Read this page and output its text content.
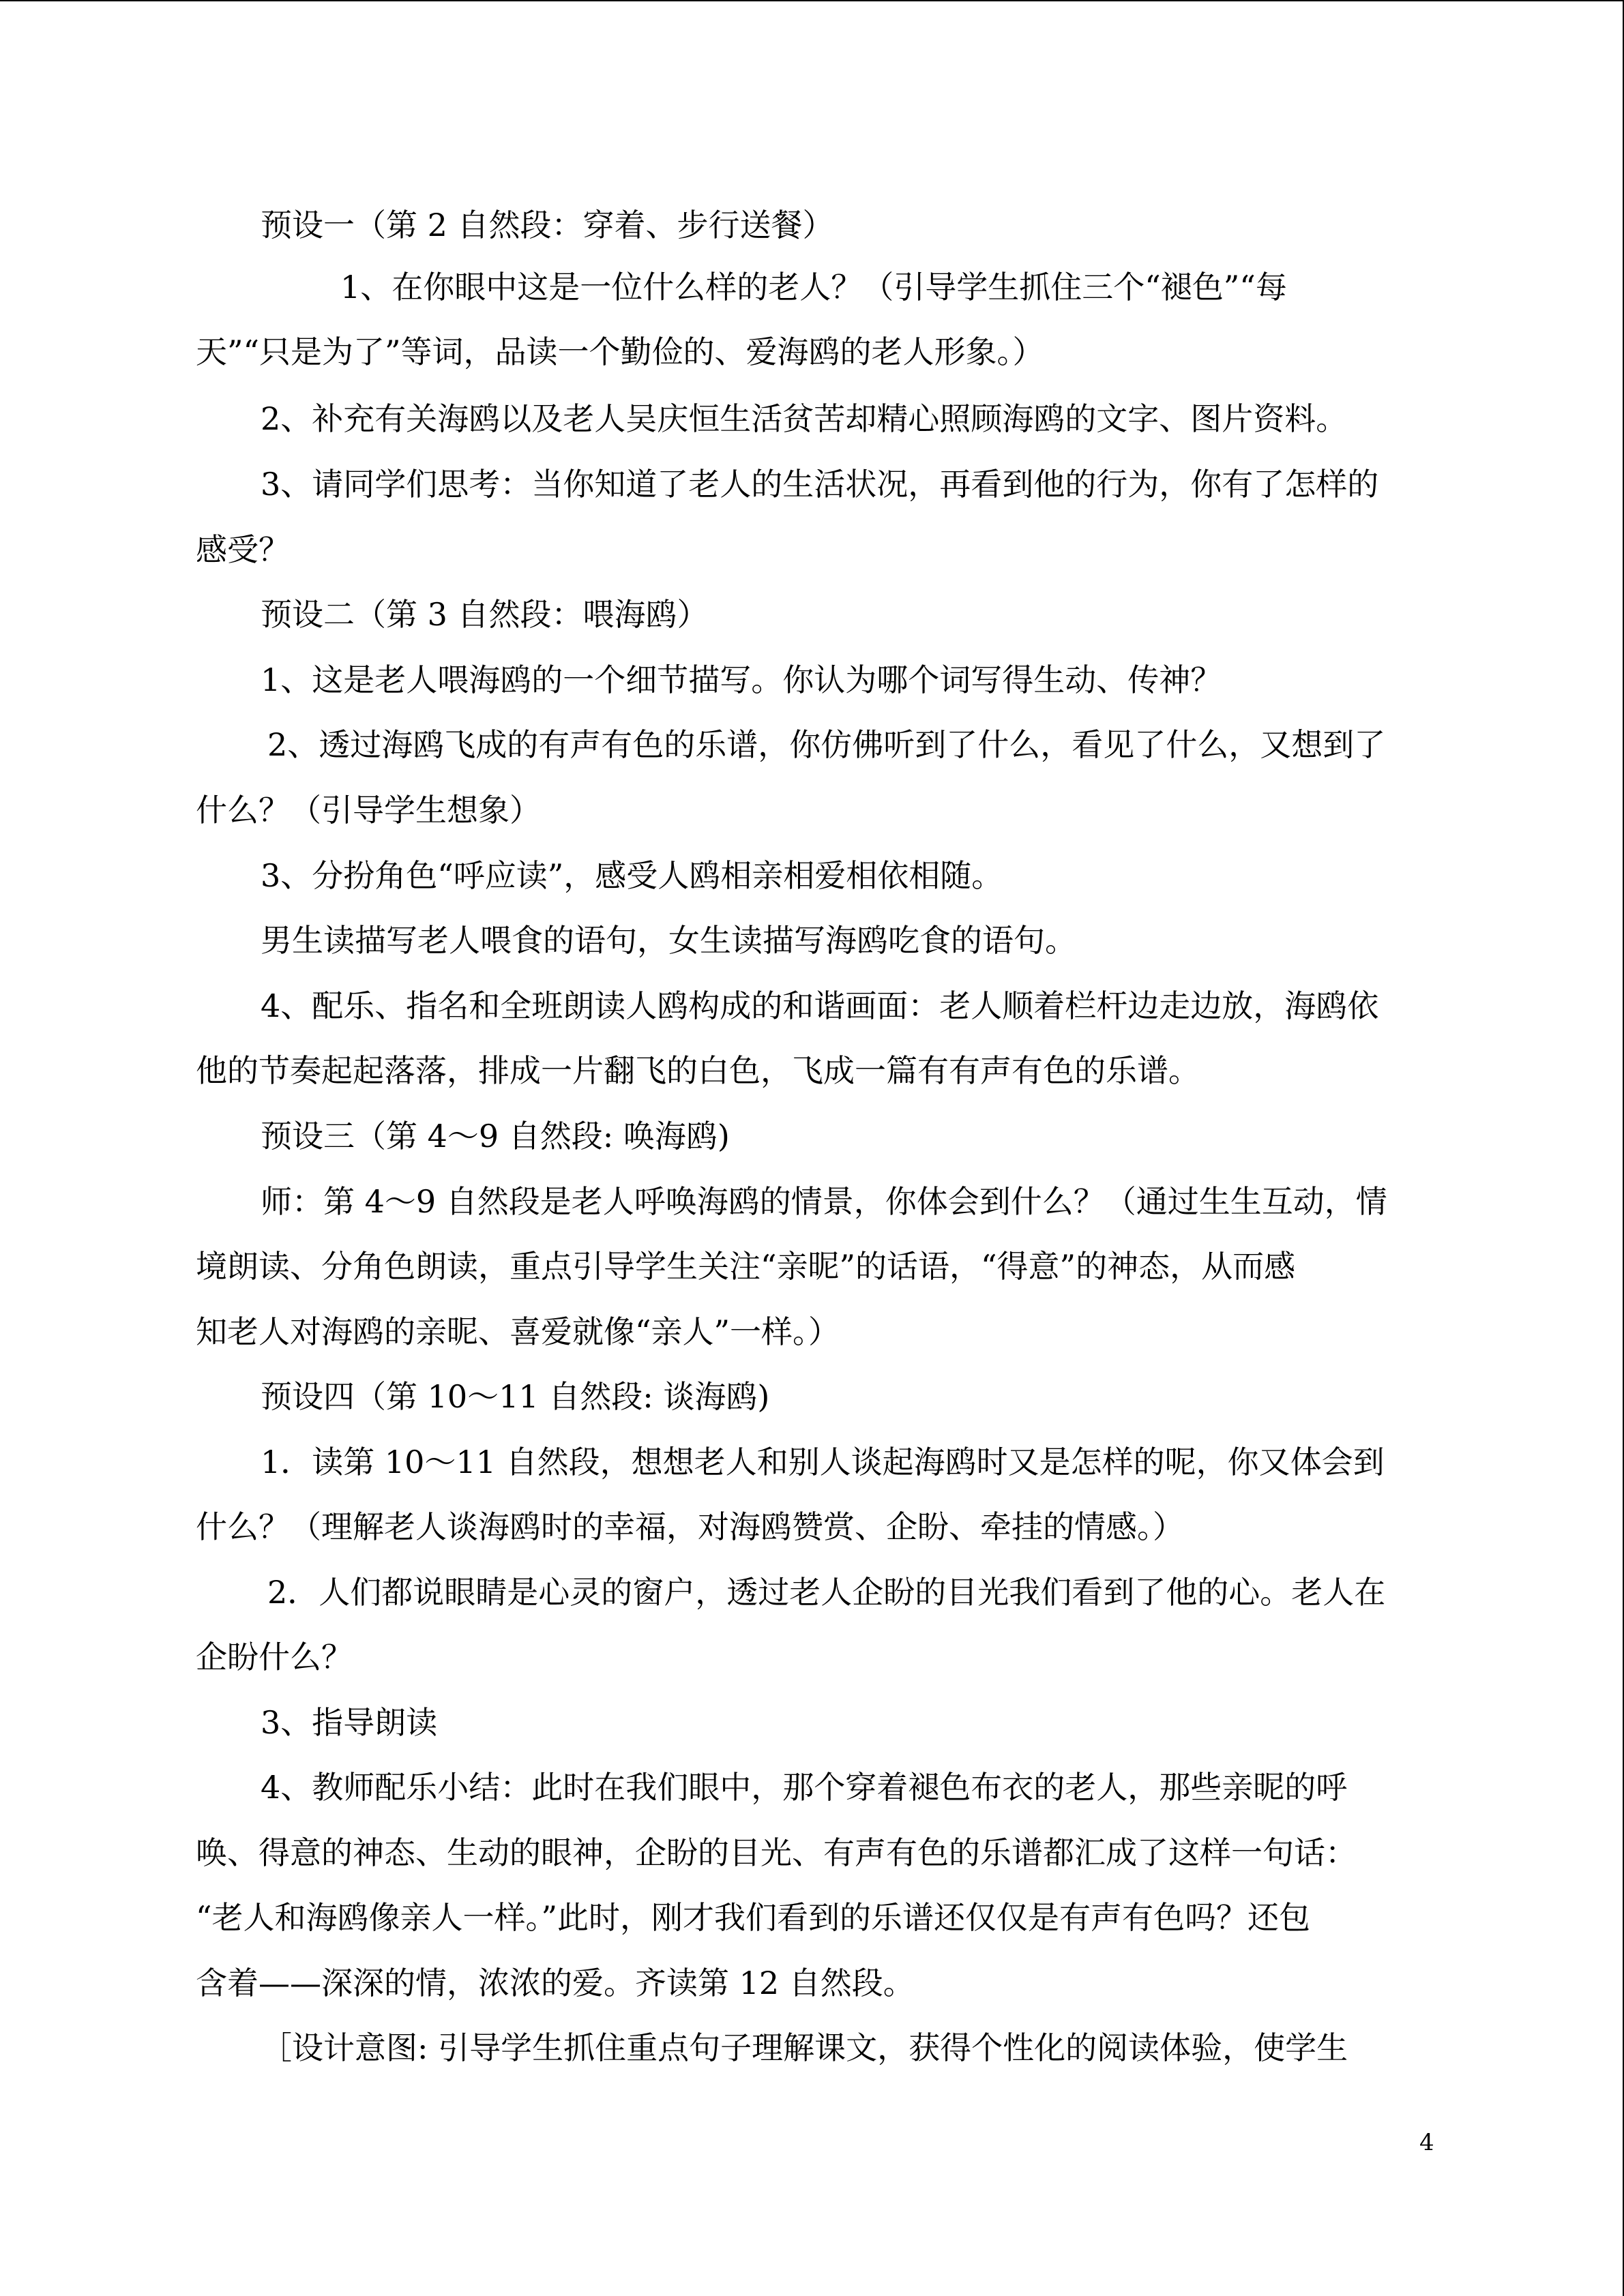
预设一（第 2 自然段：穿着、步行送餐）
1、在你眼中这是一位什么样的老人？（引导学生抓住三个“褪色”“每
天”“只是为了”等词，品读一个勤俭的、爱海鸥的老人形象。）
2、补充有关海鸥以及老人吴庆恒生活贫苦却精心照顾海鸥的文字、图片资料。
3、请同学们思考：当你知道了老人的生活状况，再看到他的行为，你有了怎样的
感受？
预设二（第 3 自然段：喂海鸥）
1、这是老人喂海鸥的一个细节描写。你认为哪个词写得生动、传神？
2、透过海鸥飞成的有声有色的乐谱，你仿佛听到了什么，看见了什么，又想到了
什么？（引导学生想象）
3、分扮角色“呼应读”，感受人鸥相亲相爱相依相随。
男生读描写老人喂食的语句，女生读描写海鸥吃食的语句。
4、配乐、指名和全班朗读人鸥构成的和谐画面：老人顺着栏杆边走边放，海鸥依
他的节奏起起落落，排成一片翻飞的白色，飞成一篇有有声有色的乐谱。
预设三（第 4～9 自然段: 唤海鸥)
师：第 4～9 自然段是老人呼唤海鸥的情景，你体会到什么？（通过生生互动，情
境朗读、分角色朗读，重点引导学生关注“亲昵”的话语，“得意”的神态，从而感
知老人对海鸥的亲昵、喜爱就像“亲人”一样。）
预设四（第 10～11 自然段: 谈海鸥)
1．读第 10～11 自然段，想想老人和别人谈起海鸥时又是怎样的呢，你又体会到
什么？（理解老人谈海鸥时的幸福，对海鸥赞赏、企盼、牵挂的情感。）
2．人们都说眼睛是心灵的窗户，透过老人企盼的目光我们看到了他的心。老人在
企盼什么？
3、指导朗读
4、教师配乐小结：此时在我们眼中，那个穿着褪色布衣的老人，那些亲昵的呼
唤、得意的神态、生动的眼神，企盼的目光、有声有色的乐谱都汇成了这样一句话：
“老人和海鸥像亲人一样。”此时，刚才我们看到的乐谱还仅仅是有声有色吗？还包
含着——深深的情，浓浓的爱。齐读第 12 自然段。
［设计意图: 引导学生抓住重点句子理解课文，获得个性化的阅读体验，使学生
4
